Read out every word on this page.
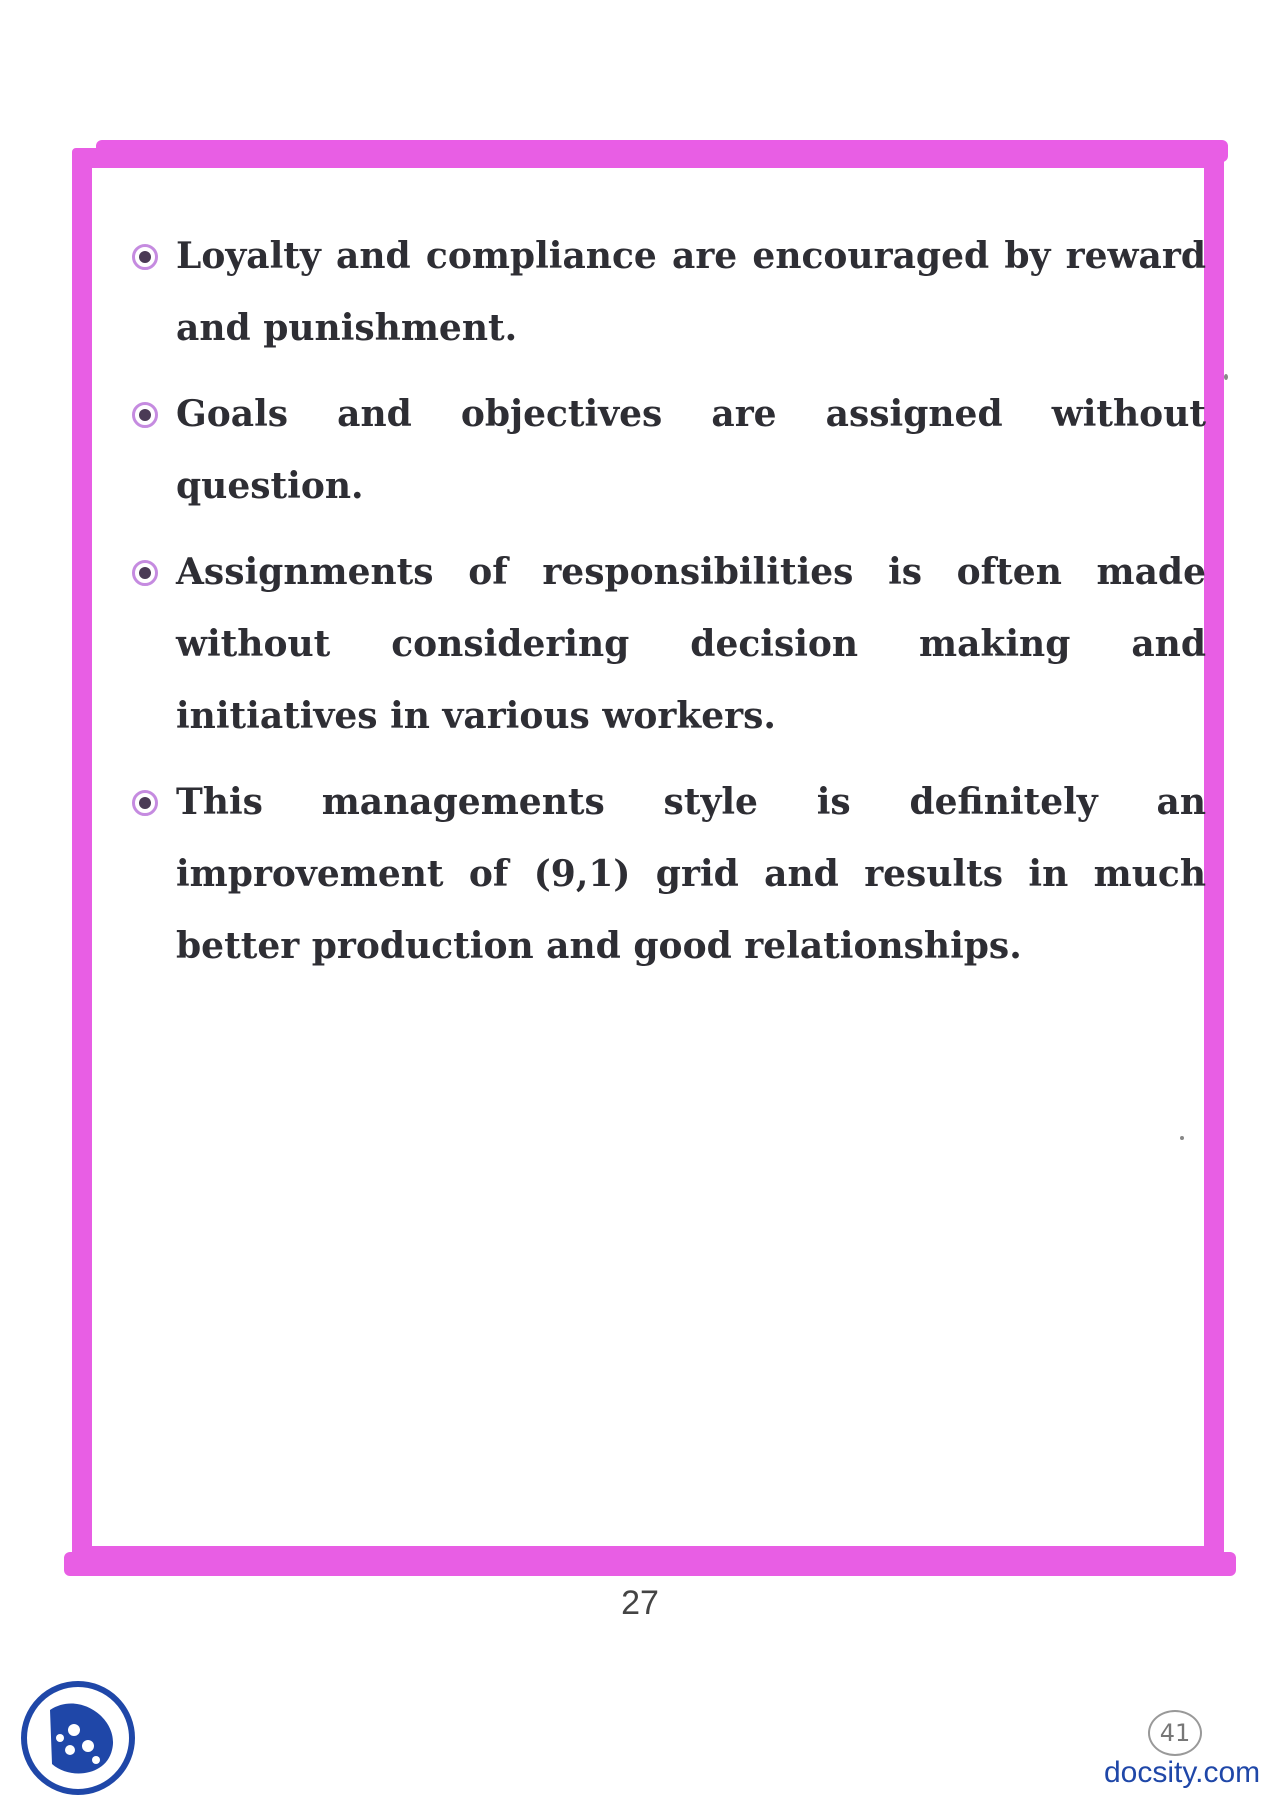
Loyalty and compliance are encouraged by reward and punishment.
Goals and objectives are assigned without question.
Assignments of responsibilities is often made without considering decision making and initiatives in various workers.
This managements style is definitely an improvement of (9,1) grid and results in much better production and good relationships.
27
41
docsity.com
